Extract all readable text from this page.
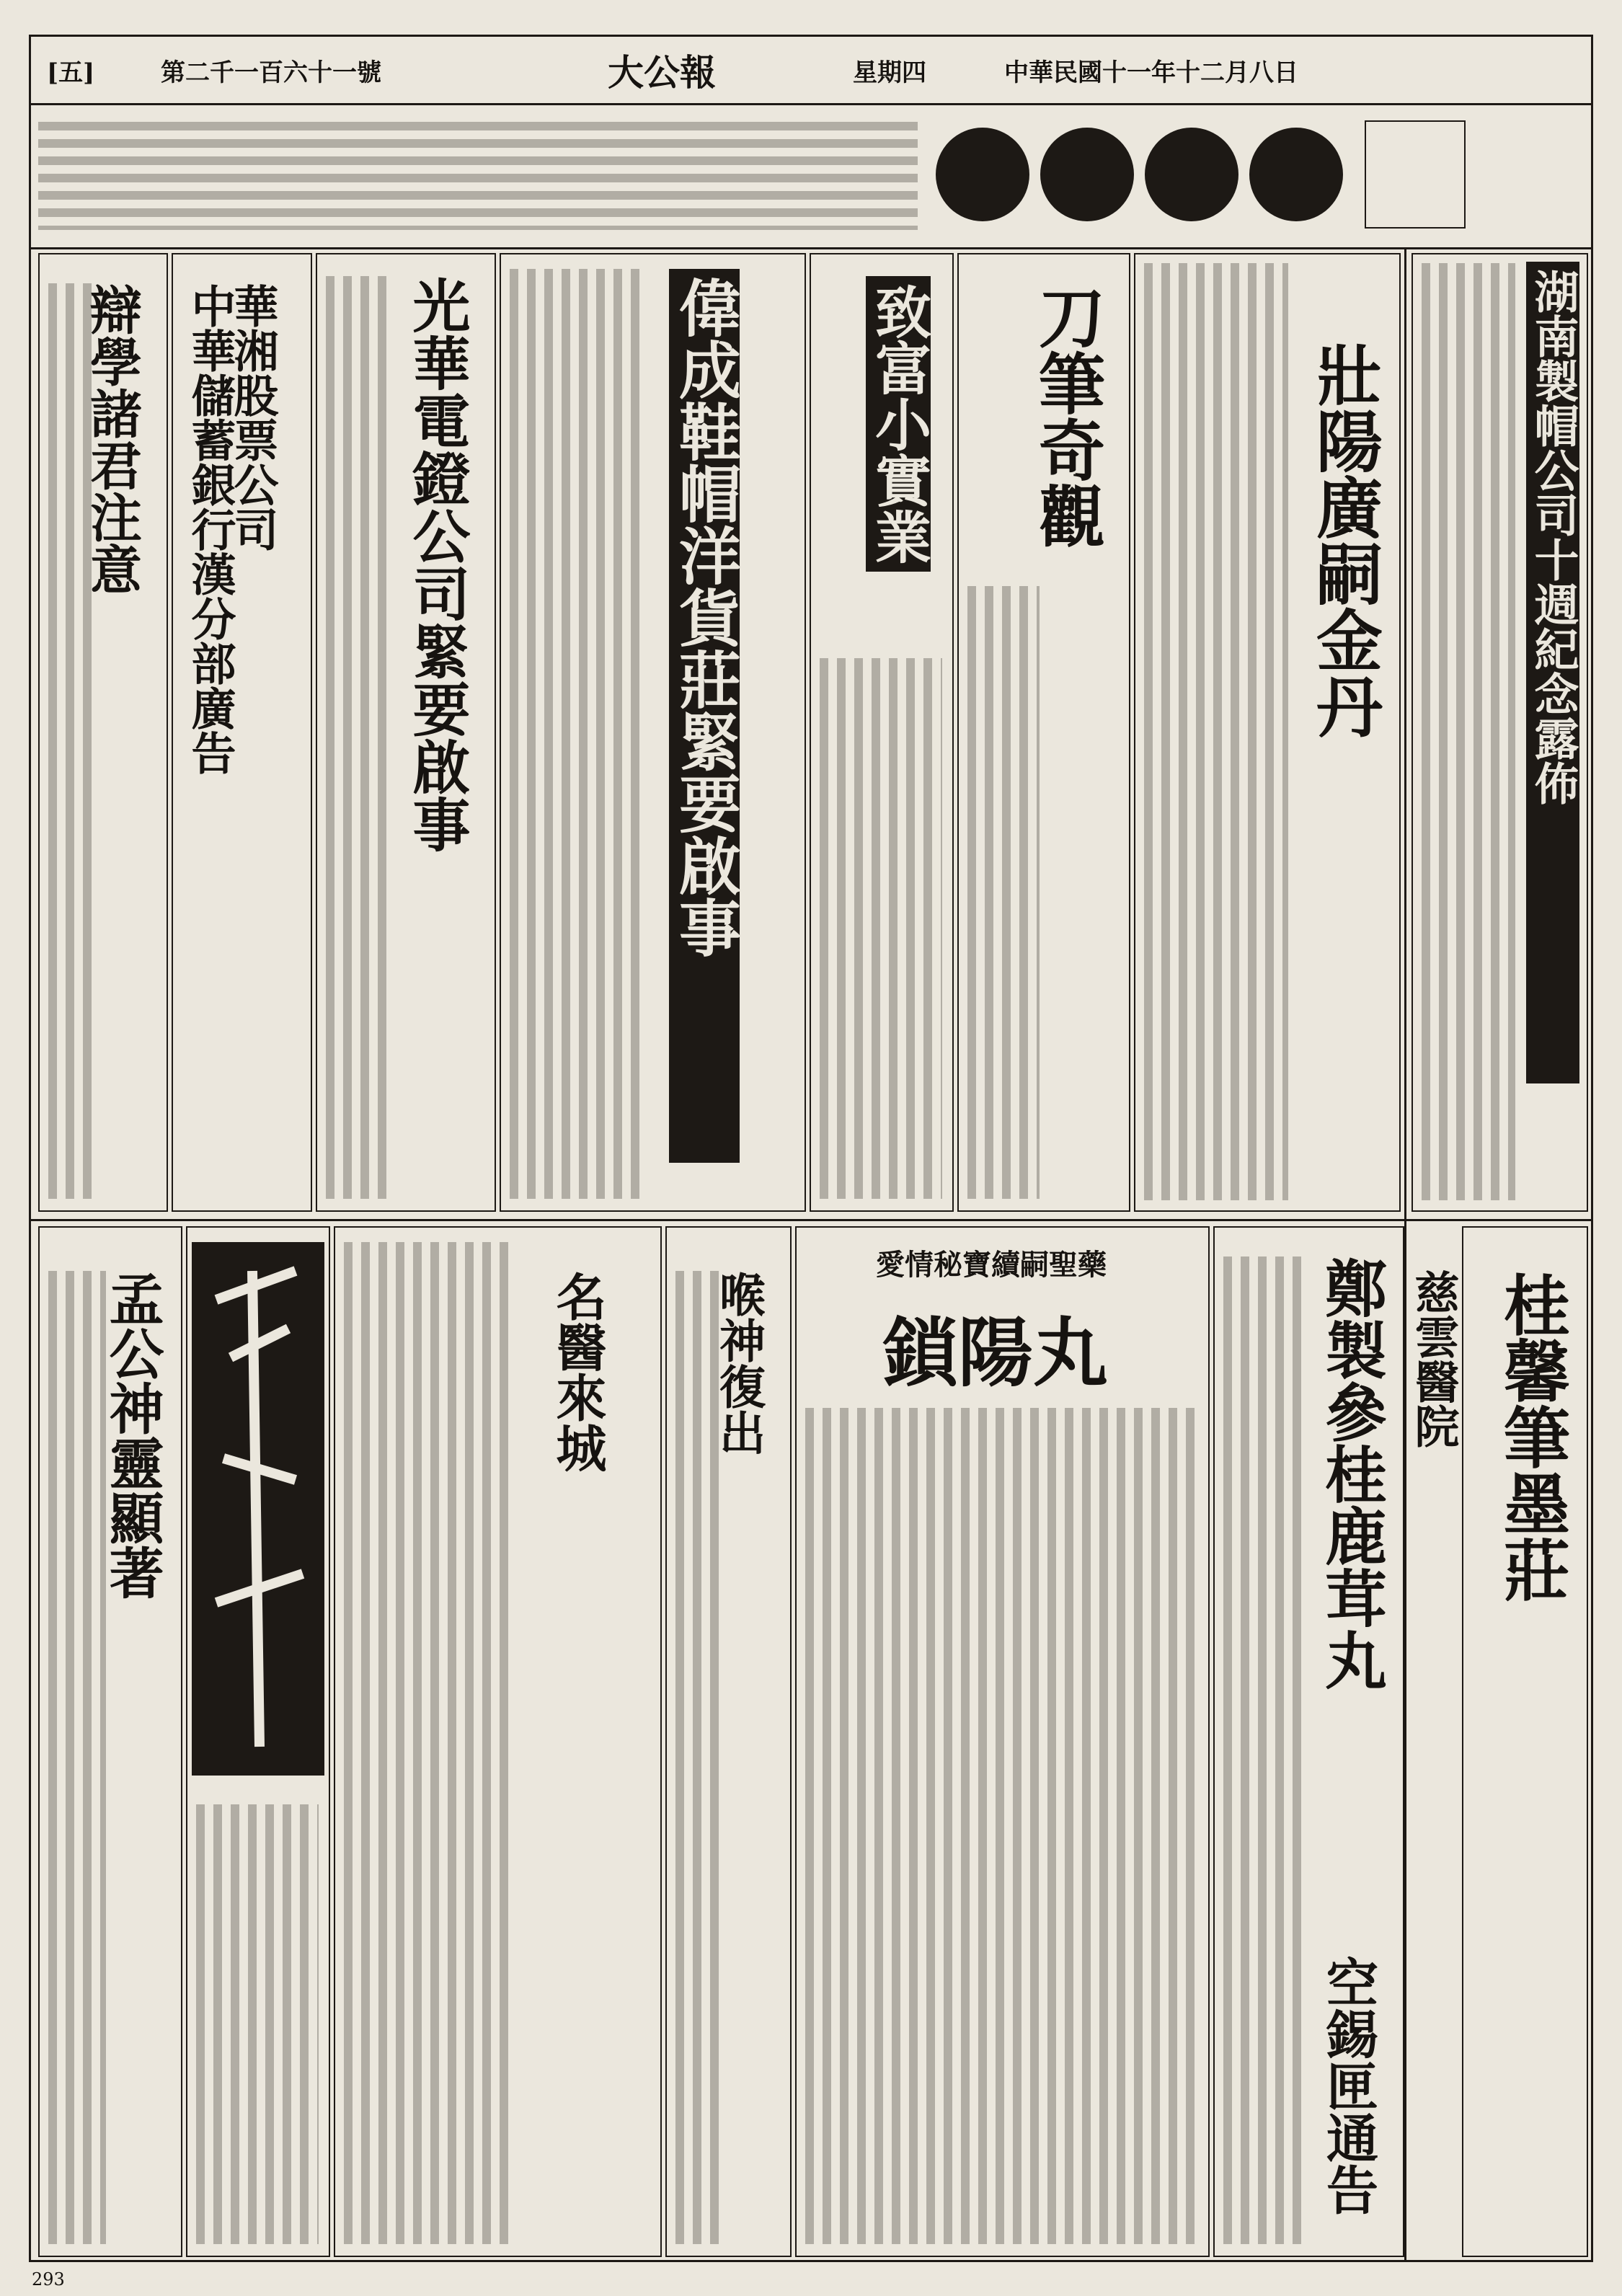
[五]	第二千一百六十一號	大公報	星期四	中華民國十一年十二月八日
湖南製帽公司十週紀念露佈
壯陽廣嗣金丹
刀筆奇觀
致富小實業
偉成鞋帽洋貨莊緊要啟事
光華電鐙公司緊要啟事
華湘股票公司
中華儲蓄銀行漢分部廣告
辯學諸君注意
桂馨筆墨莊
慈雲醫院
鄭製參桂鹿茸丸
空錫匣通告
愛情秘寶續嗣聖藥
鎖陽丸
喉神復出
名醫來城
孟公神靈顯著
293
